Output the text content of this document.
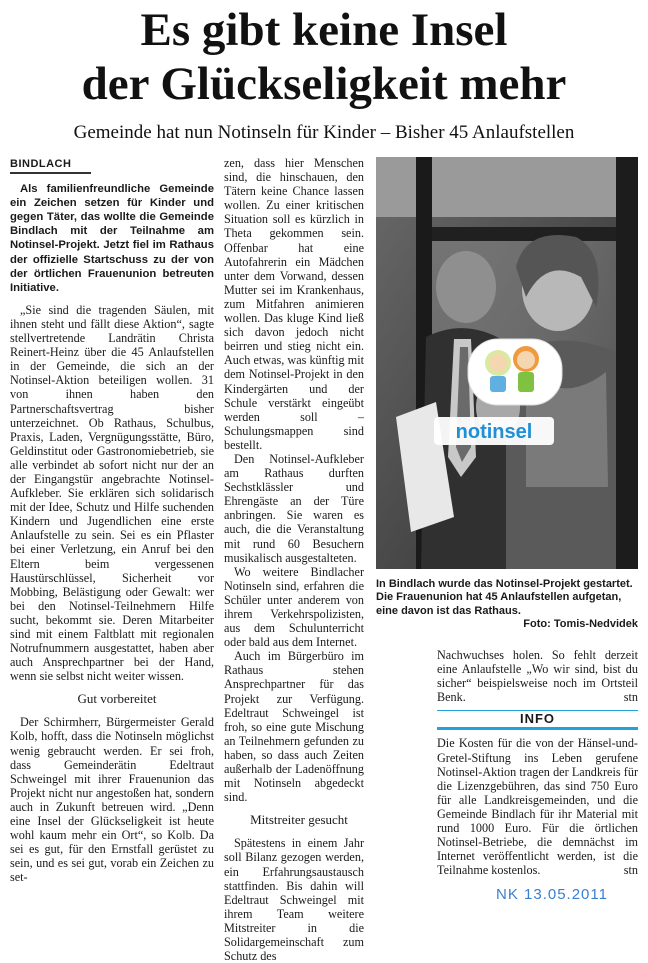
Es gibt keine Insel
der Glückseligkeit mehr
Gemeinde hat nun Notinseln für Kinder – Bisher 45 Anlaufstellen
BINDLACH

Als familienfreundliche Gemeinde ein Zeichen setzen für Kinder und gegen Täter, das wollte die Gemeinde Bindlach mit der Teilnahme am Notinsel-Projekt. Jetzt fiel im Rathaus der offizielle Startschuss zu der von der örtlichen Frauenunion betreuten Initiative.

„Sie sind die tragenden Säulen, mit ihnen steht und fällt diese Aktion“, sagte stellvertretende Landrätin Christa Reinert-Heinz über die 45 Anlaufstellen in der Gemeinde, die sich an der Notinsel-Aktion beteiligen wollen. 31 von ihnen haben den Partnerschaftsvertrag bisher unterzeichnet. Ob Rathaus, Schulbus, Praxis, Laden, Vergnügungsstätte, Büro, Geldinstitut oder Gastronomiebetrieb, sie alle verbindet ab sofort nicht nur der an der Eingangstür angebrachte Notinsel-Aufkleber. Sie erklären sich solidarisch mit der Idee, Schutz und Hilfe suchenden Kindern und Jugendlichen eine erste Anlaufstelle zu sein. Sei es ein Pflaster bei einer Verletzung, ein Anruf bei den Eltern beim vergessenen Haustürschlüssel, Sicherheit vor Mobbing, Belästigung oder Gewalt: wer bei den Notinsel-Teilnehmern Hilfe sucht, bekommt sie. Deren Mitarbeiter sind mit einem Faltblatt mit regionalen Notrufnummern ausgestattet, haben aber auch Ansprechpartner bei der Hand, wenn sie selbst nicht weiter wissen.

Gut vorbereitet

Der Schirmherr, Bürgermeister Gerald Kolb, hofft, dass die Notinseln möglichst wenig gebraucht werden. Er sei froh, dass Gemeinderätin Edeltraut Schweingel mit ihrer Frauenunion das Projekt nicht nur angestoßen hat, sondern auch in Zukunft betreuen wird. „Denn eine Insel der Glückseligkeit ist heute wohl kaum mehr ein Ort“, so Kolb. Da sei es gut, für den Ernstfall gerüstet zu sein, und es sei gut, vorab ein Zeichen zu set-

zen, dass hier Menschen sind, die hinschauen, den Tätern keine Chance lassen wollen. Zu einer kritischen Situation soll es kürzlich in Theta gekommen sein. Offenbar hat eine Autofahrerin ein Mädchen unter dem Vorwand, dessen Mutter sei im Krankenhaus, zum Mitfahren animieren wollen. Das kluge Kind ließ sich davon jedoch nicht beirren und stieg nicht ein. Auch etwas, was künftig mit dem Notinsel-Projekt in den Kindergärten und der Schule verstärkt eingeübt werden soll – Schulungsmappen sind bestellt.

Den Notinsel-Aufkleber am Rathaus durften Sechstklässler und Ehrengäste an der Türe anbringen. Sie waren es auch, die die Veranstaltung mit rund 60 Besuchern musikalisch ausgestalteten.

Wo weitere Bindlacher Notinseln sind, erfahren die Schüler unter anderem von ihrem Verkehrspolizisten, aus dem Schulunterricht oder bald aus dem Internet.

Auch im Bürgerbüro im Rathaus stehen Ansprechpartner für das Projekt zur Verfügung. Edeltraut Schweingel ist froh, so eine gute Mischung an Teilnehmern gefunden zu haben, so dass auch Zeiten außerhalb der Ladenöffnung mit Notinseln abgedeckt sind.

Mitstreiter gesucht

Spätestens in einem Jahr soll Bilanz gezogen werden, ein Erfahrungsaustausch stattfinden. Bis dahin will Edeltraut Schweingel mit ihrem Team weitere Mitstreiter in die Solidargemeinschaft zum Schutz des

notinsel
In Bindlach wurde das Notinsel-Projekt gestartet. Die Frauenunion hat 45 Anlaufstellen aufgetan, eine davon ist das Rathaus.
Foto: Tomis-Nedvidek

Nachwuchses holen. So fehlt derzeit eine Anlaufstelle „Wo wir sind, bist du sicher“ beispielsweise noch im Ortsteil Benk.	stn

INFO

Die Kosten für die von der Hänsel-und-Gretel-Stiftung ins Leben gerufene Notinsel-Aktion tragen der Landkreis für die Lizenzgebühren, das sind 750 Euro für alle Landkreisgemeinden, und die Gemeinde Bindlach für ihr Material mit rund 1000 Euro. Für die örtlichen Notinsel-Betriebe, die demnächst im Internet veröffentlicht werden, ist die Teilnahme kostenlos.	stn

NK 13.05.2011
